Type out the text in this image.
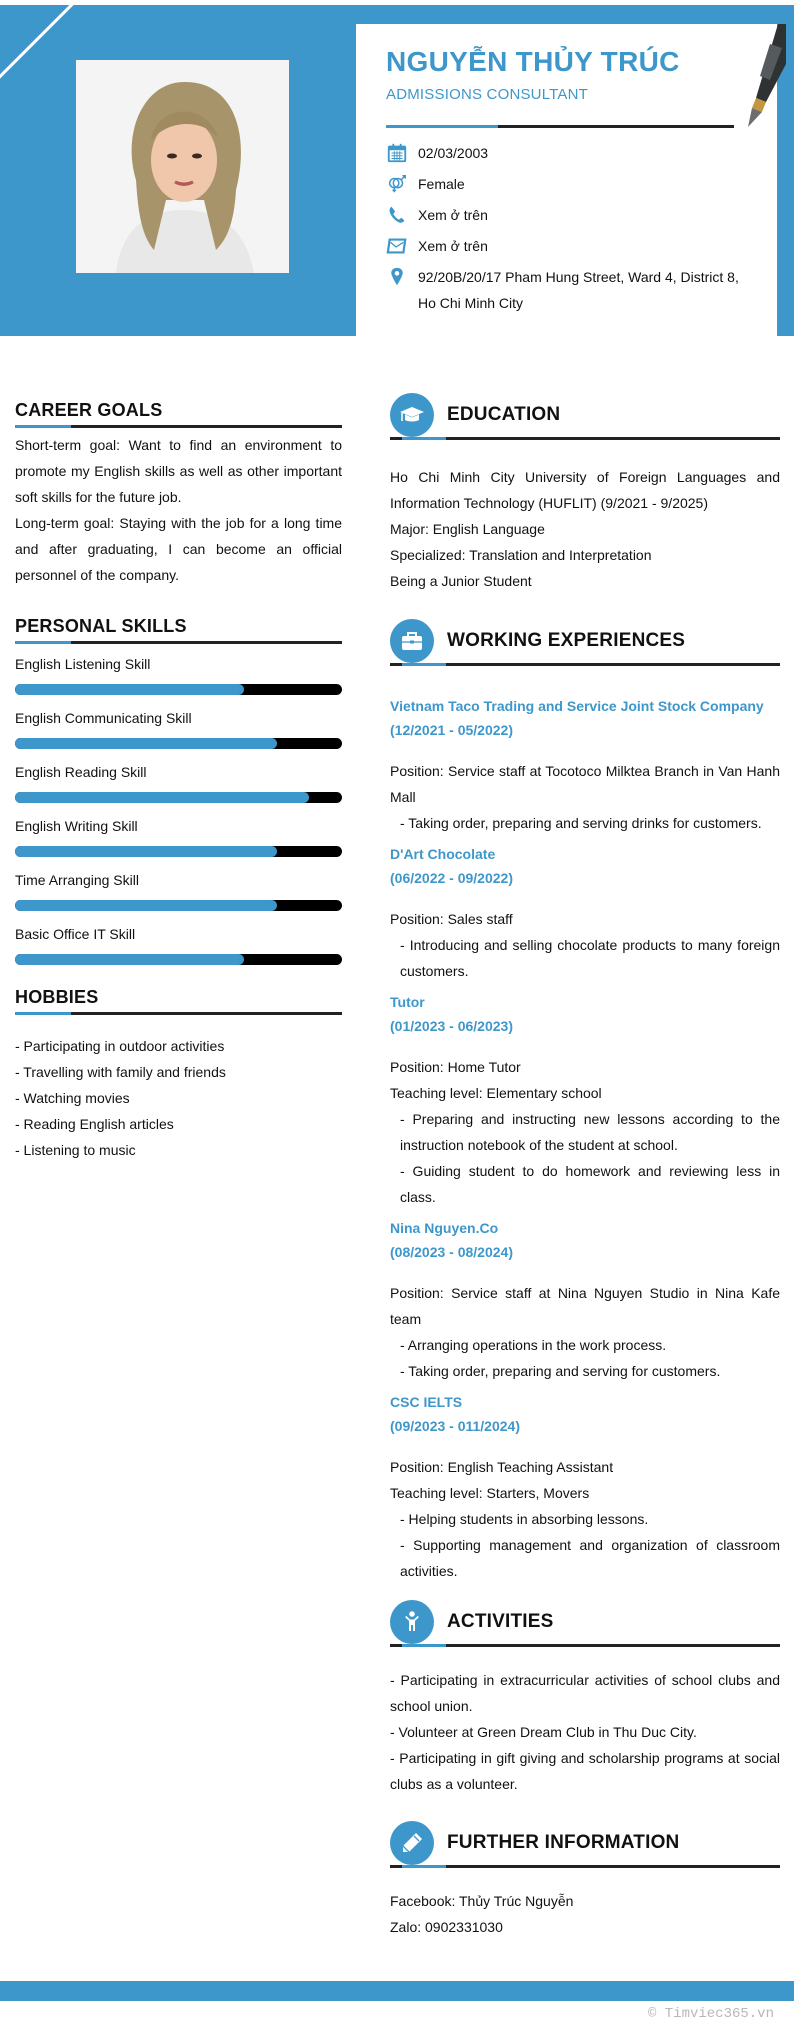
NGUYỄN THỦY TRÚC
ADMISSIONS CONSULTANT
02/03/2003
Female
Xem ở trên
Xem ở trên
92/20B/20/17 Pham Hung Street, Ward 4, District 8, Ho Chi Minh City
CAREER GOALS

Short-term goal: Want to find an environment to promote my English skills as well as other important soft skills for the future job.

Long-term goal: Staying with the job for a long time and after graduating, I can become an official personnel of the company.

PERSONAL SKILLS
English Listening Skill
English Communicating Skill
English Reading Skill
English Writing Skill
Time Arranging Skill
Basic Office IT Skill
HOBBIES
- Participating in outdoor activities
- Travelling with family and friends
- Watching movies
- Reading English articles
- Listening to music
EDUCATION
Ho Chi Minh City University of Foreign Languages and Information Technology (HUFLIT) (9/2021 - 9/2025)
Major: English Language
Specialized: Translation and Interpretation
Being a Junior Student
WORKING EXPERIENCES
Vietnam Taco Trading and Service Joint Stock Company
(12/2021 - 05/2022)
Position: Service staff at Tocotoco Milktea Branch in Van Hanh Mall
- Taking order, preparing and serving drinks for customers.
D'Art Chocolate
(06/2022 - 09/2022)
Position: Sales staff
- Introducing and selling chocolate products to many foreign customers.
Tutor
(01/2023 - 06/2023)
Position: Home Tutor
Teaching level: Elementary school
- Preparing and instructing new lessons according to the instruction notebook of the student at school.
- Guiding student to do homework and reviewing less in class.
Nina Nguyen.Co
(08/2023 - 08/2024)
Position: Service staff at Nina Nguyen Studio in Nina Kafe team
- Arranging operations in the work process.
- Taking order, preparing and serving for customers.
CSC IELTS
(09/2023 - 011/2024)
Position: English Teaching Assistant
Teaching level: Starters, Movers
- Helping students in absorbing lessons.
- Supporting management and organization of classroom activities.
ACTIVITIES
- Participating in extracurricular activities of school clubs and school union.
- Volunteer at Green Dream Club in Thu Duc City.
- Participating in gift giving and scholarship programs at social clubs as a volunteer.
FURTHER INFORMATION
Facebook: Thủy Trúc Nguyễn
Zalo: 0902331030
© Timviec365.vn
